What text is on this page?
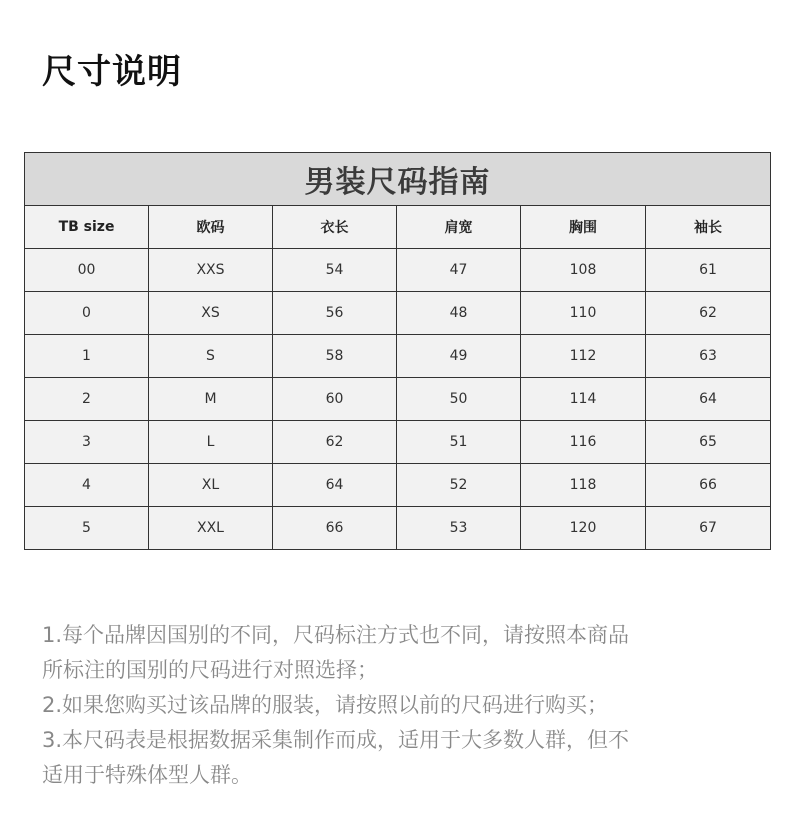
尺寸说明
男装尺码指南					
TB size	欧码	衣长	肩宽	胸围	袖长
00	XXS	54	47	108	61
0	XS	56	48	110	62
1	S	58	49	112	63
2	M	60	50	114	64
3	L	62	51	116	65
4	XL	64	52	118	66
5	XXL	66	53	120	67
1.每个品牌因国别的不同，尺码标注方式也不同，请按照本商品
所标注的国别的尺码进行对照选择；
2.如果您购买过该品牌的服装，请按照以前的尺码进行购买；
3.本尺码表是根据数据采集制作而成，适用于大多数人群，但不
适用于特殊体型人群。
